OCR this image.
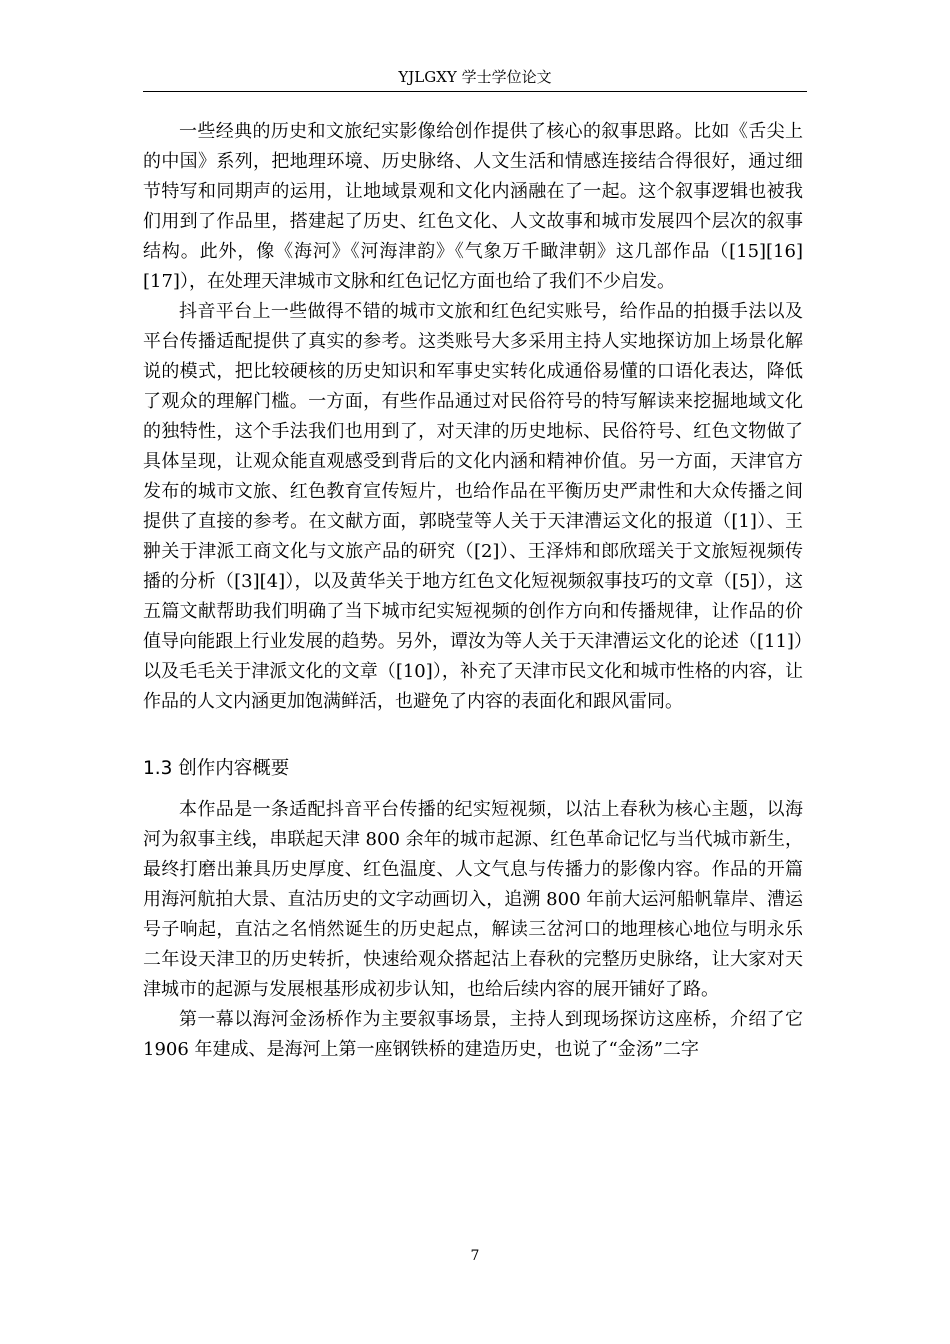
YJLGXY 学士学位论文

一些经典的历史和文旅纪实影像给创作提供了核心的叙事思路。比如《舌尖上的中国》系列，把地理环境、历史脉络、人文生活和情感连接结合得很好，通过细节特写和同期声的运用，让地域景观和文化内涵融在了一起。这个叙事逻辑也被我们用到了作品里，搭建起了历史、红色文化、人文故事和城市发展四个层次的叙事结构。此外，像《海河》《河海津韵》《气象万千瞰津朝》这几部作品（[15][16][17]），在处理天津城市文脉和红色记忆方面也给了我们不少启发。

抖音平台上一些做得不错的城市文旅和红色纪实账号，给作品的拍摄手法以及平台传播适配提供了真实的参考。这类账号大多采用主持人实地探访加上场景化解说的模式，把比较硬核的历史知识和军事史实转化成通俗易懂的口语化表达，降低了观众的理解门槛。一方面，有些作品通过对民俗符号的特写解读来挖掘地域文化的独特性，这个手法我们也用到了，对天津的历史地标、民俗符号、红色文物做了具体呈现，让观众能直观感受到背后的文化内涵和精神价值。另一方面，天津官方发布的城市文旅、红色教育宣传短片，也给作品在平衡历史严肃性和大众传播之间提供了直接的参考。在文献方面，郭晓莹等人关于天津漕运文化的报道（[1]）、王翀关于津派工商文化与文旅产品的研究（[2]）、王泽炜和郎欣瑶关于文旅短视频传播的分析（[3][4]），以及黄华关于地方红色文化短视频叙事技巧的文章（[5]），这五篇文献帮助我们明确了当下城市纪实短视频的创作方向和传播规律，让作品的价值导向能跟上行业发展的趋势。另外，谭汝为等人关于天津漕运文化的论述（[11]）以及毛毛关于津派文化的文章（[10]），补充了天津市民文化和城市性格的内容，让作品的人文内涵更加饱满鲜活，也避免了内容的表面化和跟风雷同。

1.3 创作内容概要

本作品是一条适配抖音平台传播的纪实短视频，以沽上春秋为核心主题，以海河为叙事主线，串联起天津 800 余年的城市起源、红色革命记忆与当代城市新生，最终打磨出兼具历史厚度、红色温度、人文气息与传播力的影像内容。作品的开篇用海河航拍大景、直沽历史的文字动画切入，追溯 800 年前大运河船帆靠岸、漕运号子响起，直沽之名悄然诞生的历史起点，解读三岔河口的地理核心地位与明永乐二年设天津卫的历史转折，快速给观众搭起沽上春秋的完整历史脉络，让大家对天津城市的起源与发展根基形成初步认知，也给后续内容的展开铺好了路。

第一幕以海河金汤桥作为主要叙事场景，主持人到现场探访这座桥，介绍了它 1906 年建成、是海河上第一座钢铁桥的建造历史，也说了“金汤”二字

7
